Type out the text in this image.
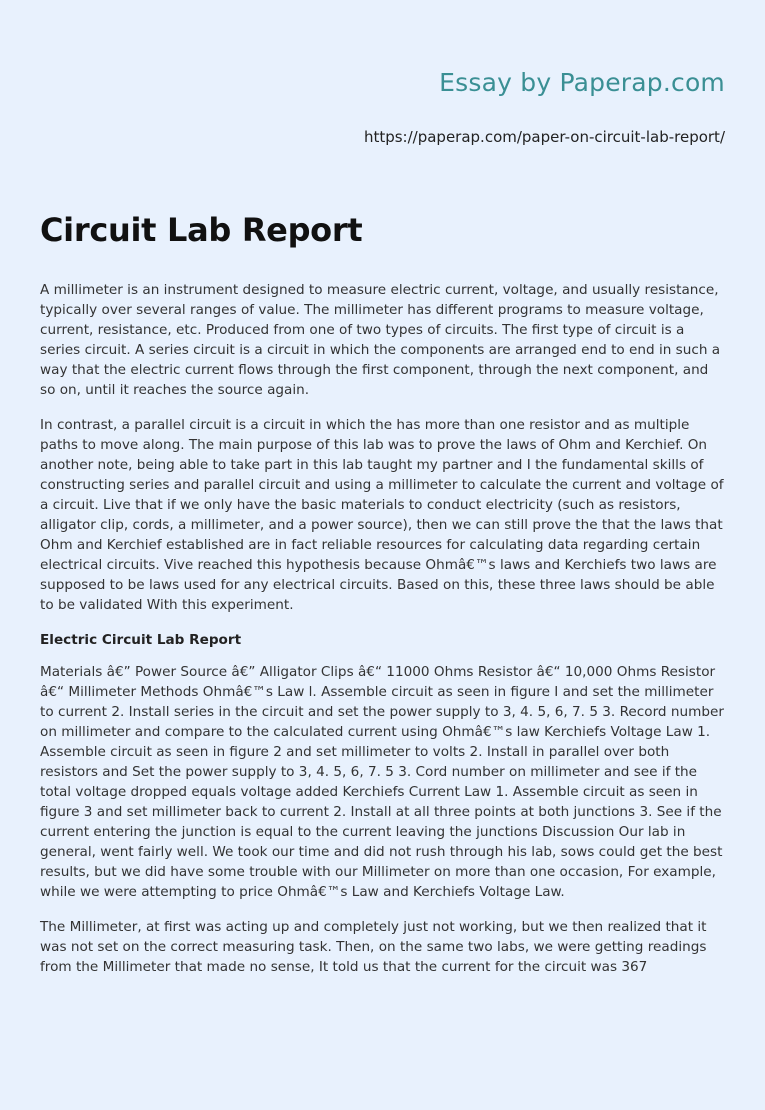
Essay by Paperap.com
https://paperap.com/paper-on-circuit-lab-report/
Circuit Lab Report

A millimeter is an instrument designed to measure electric current, voltage, and usually resistance, typically over several ranges of value. The millimeter has different programs to measure voltage, current, resistance, etc. Produced from one of two types of circuits. The first type of circuit is a series circuit. A series circuit is a circuit in which the components are arranged end to end in such a way that the electric current flows through the first component, through the next component, and so on, until it reaches the source again.

In contrast, a parallel circuit is a circuit in which the has more than one resistor and as multiple paths to move along. The main purpose of this lab was to prove the laws of Ohm and Kerchief. On another note, being able to take part in this lab taught my partner and I the fundamental skills of constructing series and parallel circuit and using a millimeter to calculate the current and voltage of a circuit. Live that if we only have the basic materials to conduct electricity (such as resistors, alligator clip, cords, a millimeter, and a power source), then we can still prove the that the laws that Ohm and Kerchief established are in fact reliable resources for calculating data regarding certain electrical circuits. Vive reached this hypothesis because Ohmâ€™s laws and Kerchiefs two laws are supposed to be laws used for any electrical circuits. Based on this, these three laws should be able to be validated With this experiment.

Electric Circuit Lab Report

Materials â€” Power Source â€” Alligator Clips â€“ 11000 Ohms Resistor â€“ 10,000 Ohms Resistor â€“ Millimeter Methods Ohmâ€™s Law l. Assemble circuit as seen in figure I and set the millimeter to current 2. Install series in the circuit and set the power supply to 3, 4. 5, 6, 7. 5 3. Record number on millimeter and compare to the calculated current using Ohmâ€™s law Kerchiefs Voltage Law 1. Assemble circuit as seen in figure 2 and set millimeter to volts 2. Install in parallel over both resistors and Set the power supply to 3, 4. 5, 6, 7. 5 3. Cord number on millimeter and see if the total voltage dropped equals voltage added Kerchiefs Current Law 1. Assemble circuit as seen in figure 3 and set millimeter back to current 2. Install at all three points at both junctions 3. See if the current entering the junction is equal to the current leaving the junctions Discussion Our lab in general, went fairly well. We took our time and did not rush through his lab, sows could get the best results, but we did have some trouble with our Millimeter on more than one occasion, For example, while we were attempting to price Ohmâ€™s Law and Kerchiefs Voltage Law.

The Millimeter, at first was acting up and completely just not working, but we then realized that it was not set on the correct measuring task. Then, on the same two labs, we were getting readings from the Millimeter that made no sense, It told us that the current for the circuit was 367
